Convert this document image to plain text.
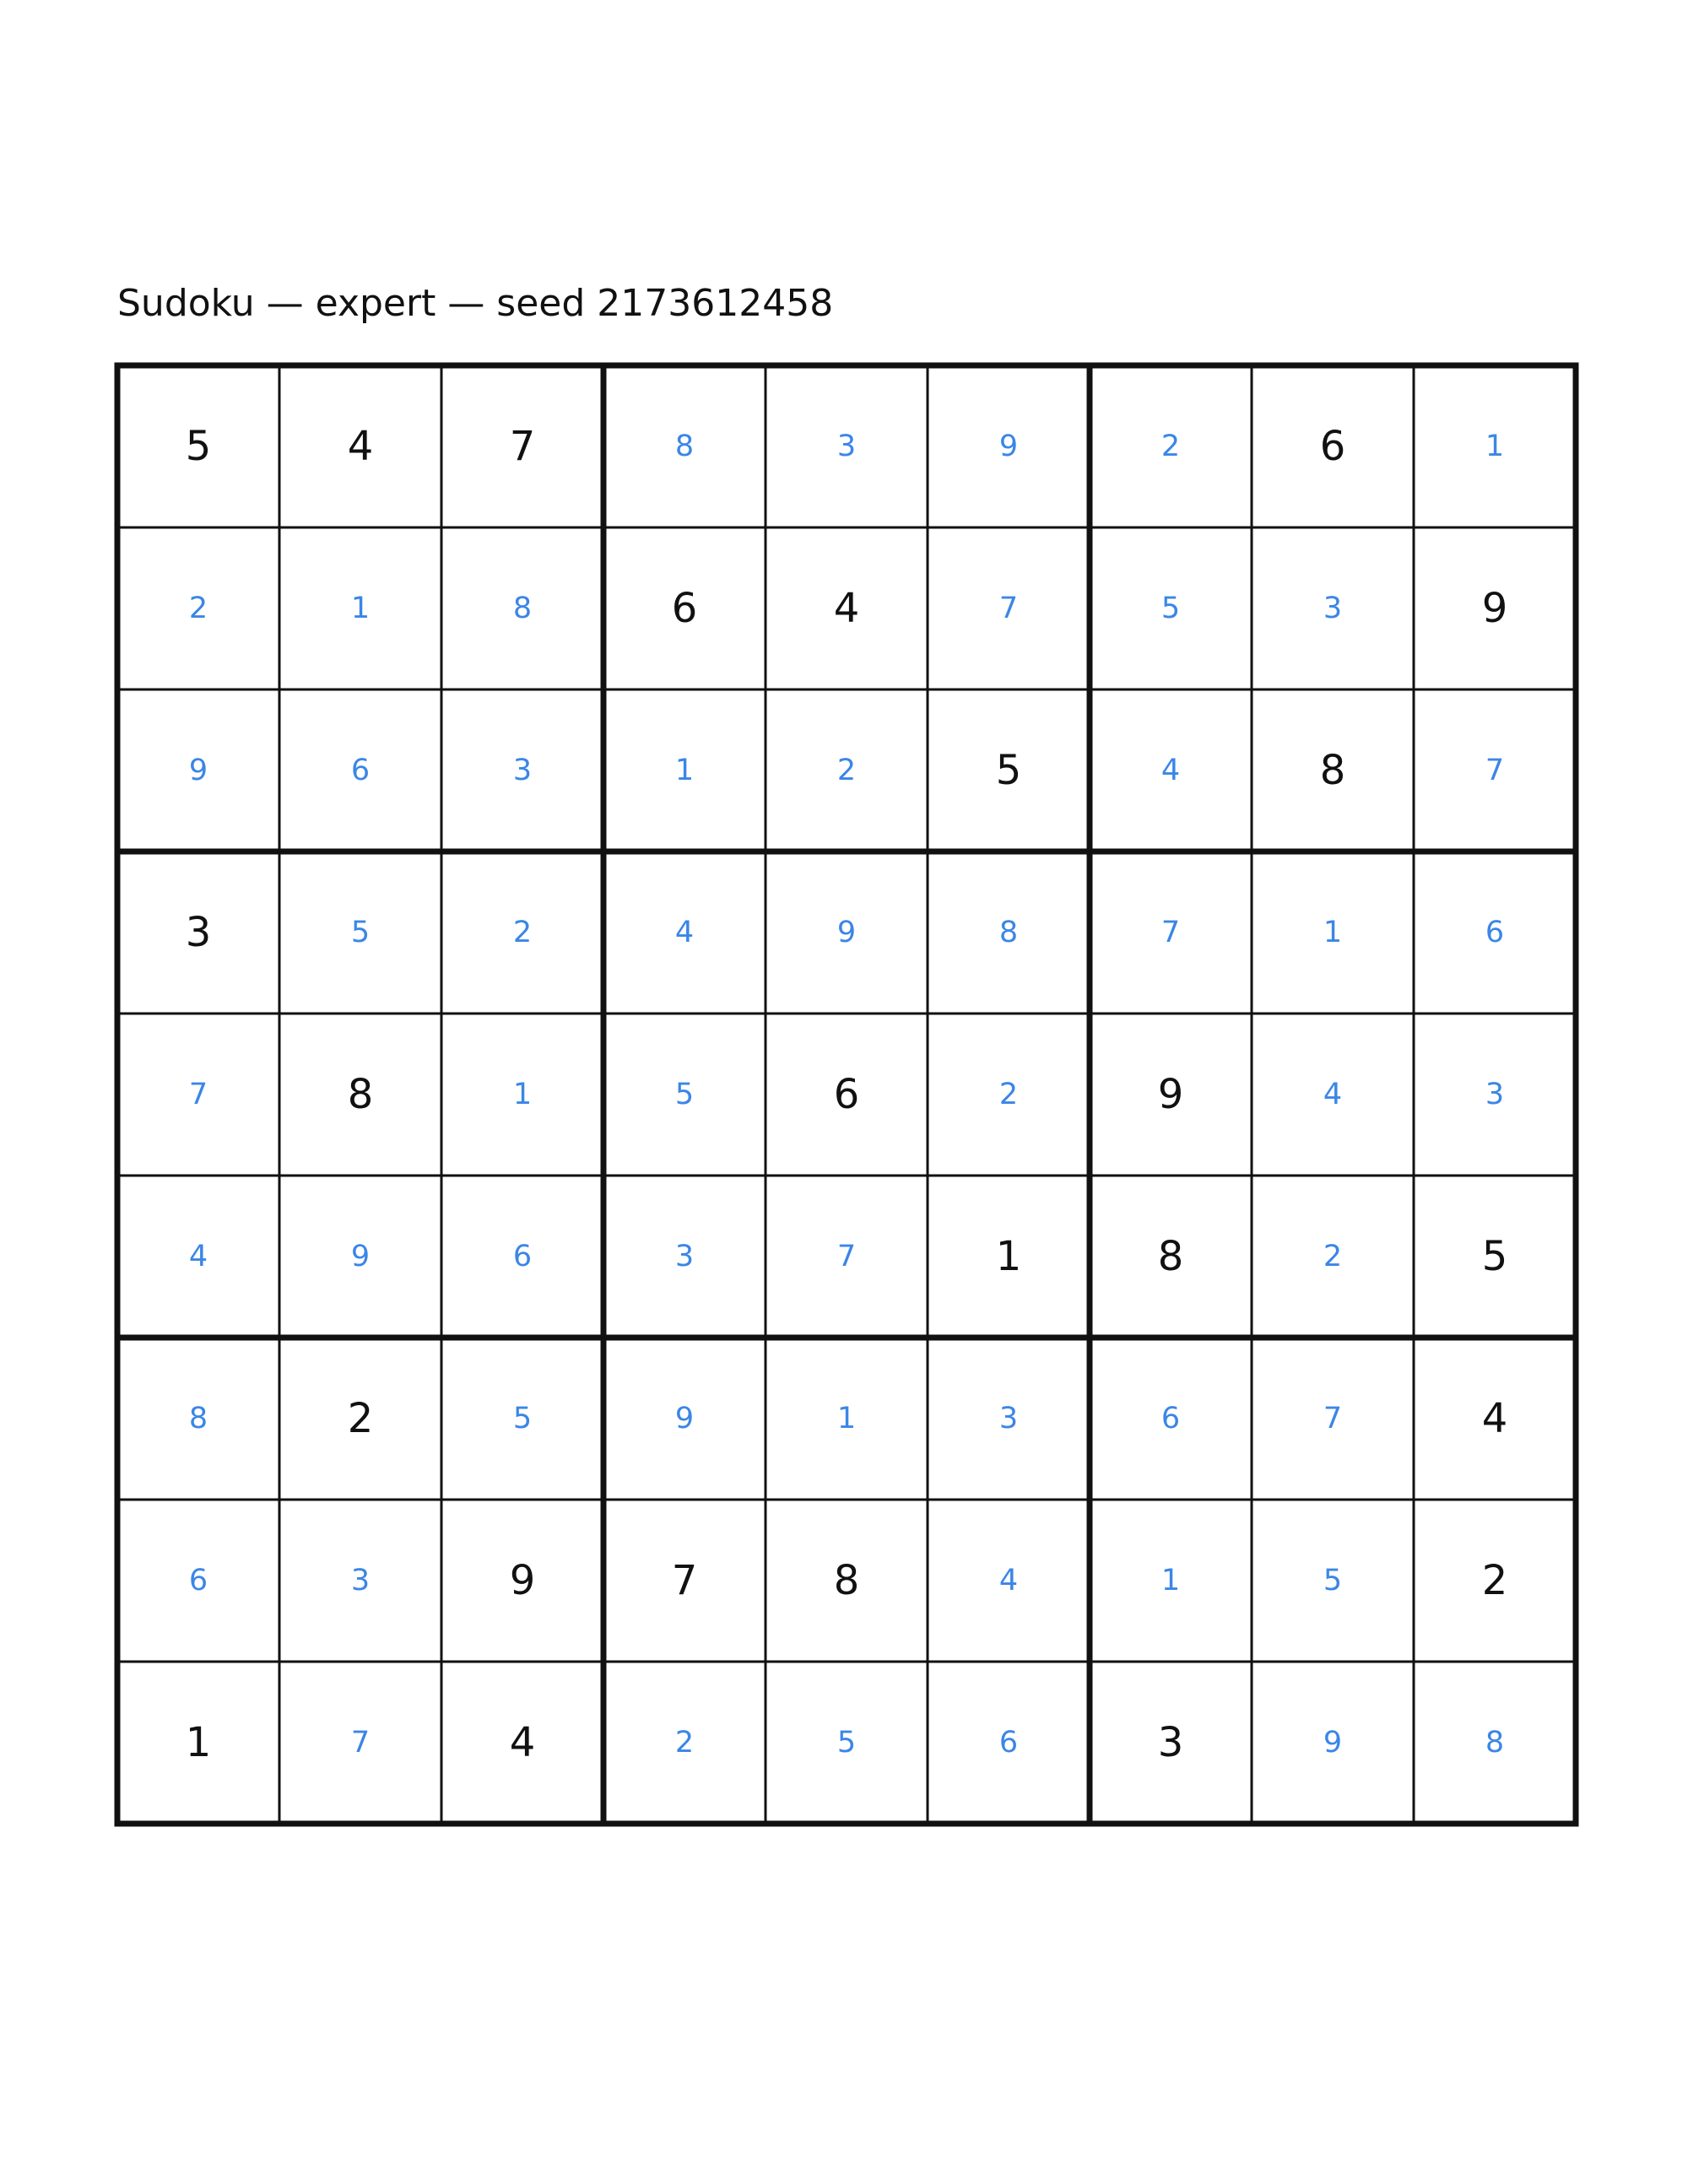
Sudoku — expert — seed 2173612458
5	4	7	8	3	9	2	6	1
2	1	8	6	4	7	5	3	9
9	6	3	1	2	5	4	8	7
3	5	2	4	9	8	7	1	6
7	8	1	5	6	2	9	4	3
4	9	6	3	7	1	8	2	5
8	2	5	9	1	3	6	7	4
6	3	9	7	8	4	1	5	2
1	7	4	2	5	6	3	9	8
